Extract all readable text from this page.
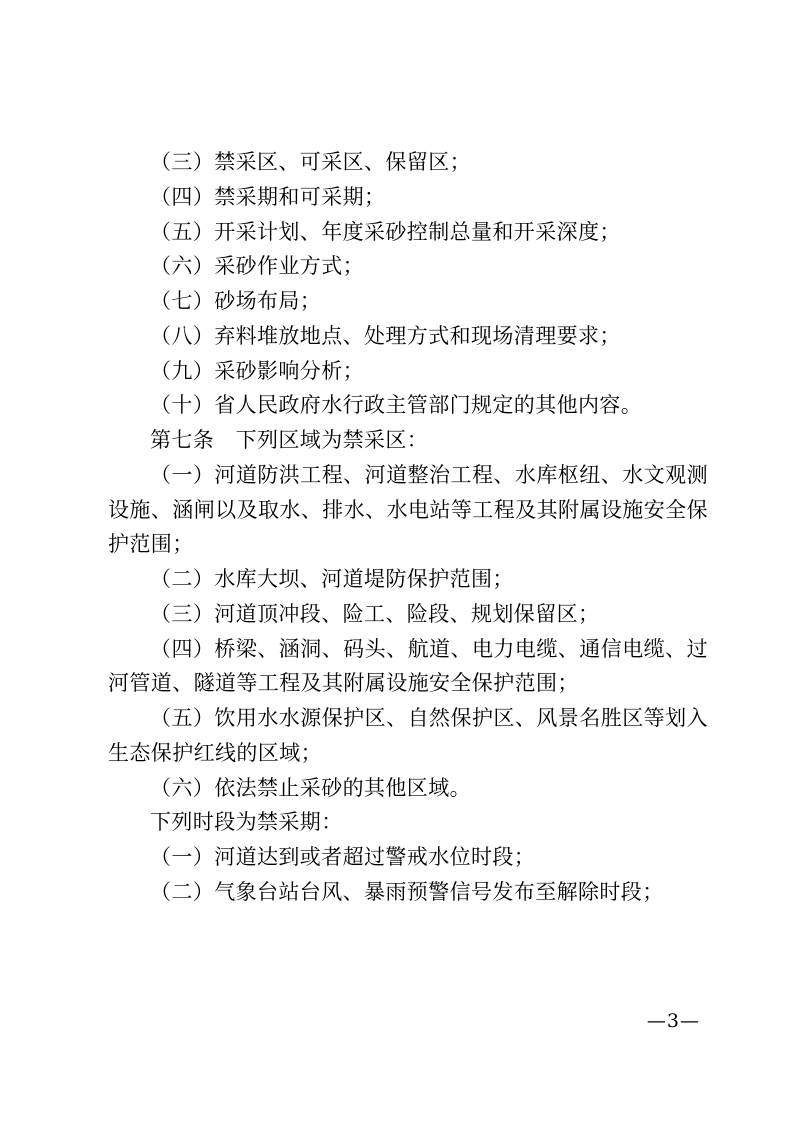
（三）禁采区、可采区、保留区；

（四）禁采期和可采期；

（五）开采计划、年度采砂控制总量和开采深度；

（六）采砂作业方式；

（七）砂场布局；

（八）弃料堆放地点、处理方式和现场清理要求；

（九）采砂影响分析；

（十）省人民政府水行政主管部门规定的其他内容。

第七条　下列区域为禁采区：

（一）河道防洪工程、河道整治工程、水库枢纽、水文观测设施、涵闸以及取水、排水、水电站等工程及其附属设施安全保护范围；

（二）水库大坝、河道堤防保护范围；

（三）河道顶冲段、险工、险段、规划保留区；

（四）桥梁、涵洞、码头、航道、电力电缆、通信电缆、过河管道、隧道等工程及其附属设施安全保护范围；

（五）饮用水水源保护区、自然保护区、风景名胜区等划入生态保护红线的区域；

（六）依法禁止采砂的其他区域。

下列时段为禁采期：

（一）河道达到或者超过警戒水位时段；

（二）气象台站台风、暴雨预警信号发布至解除时段；

—3—
